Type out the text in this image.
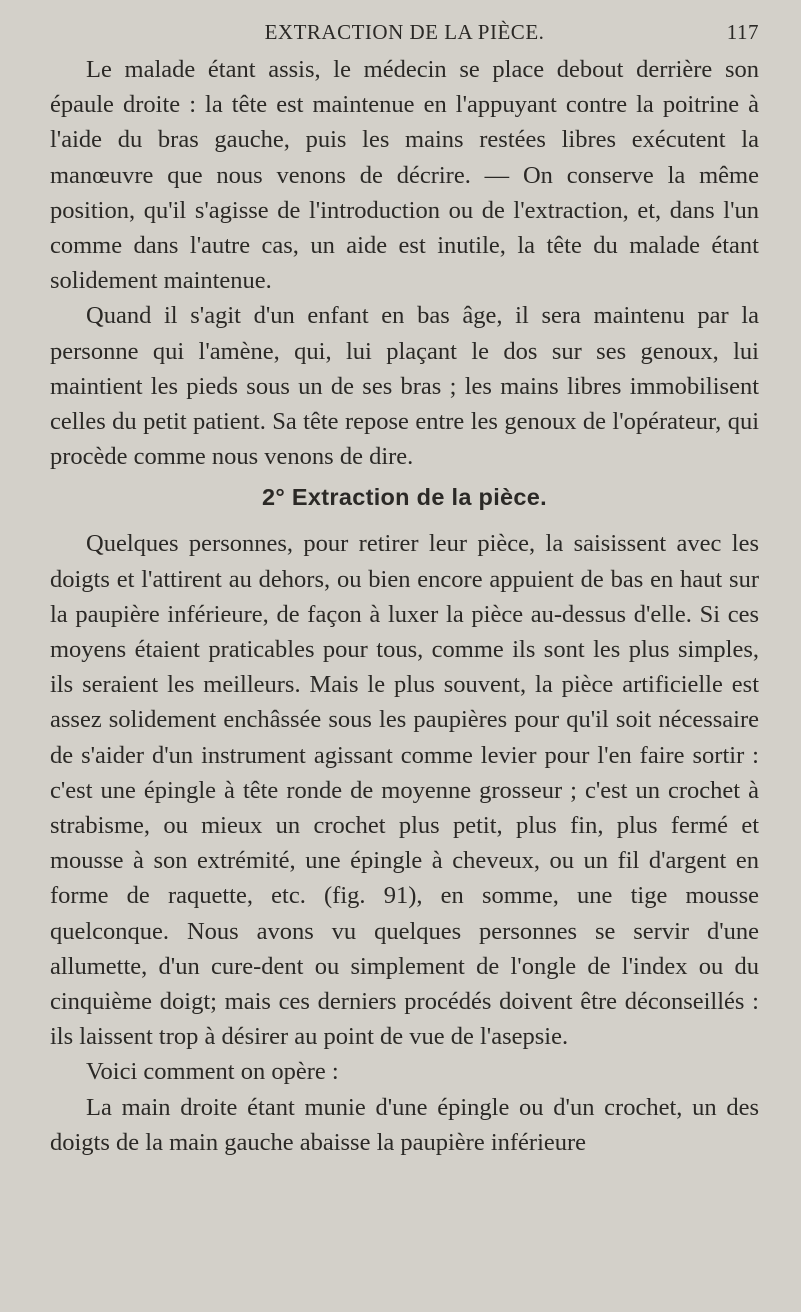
EXTRACTION DE LA PIÈCE.	117

Le malade étant assis, le médecin se place debout derrière son épaule droite : la tête est maintenue en l'appuyant contre la poitrine à l'aide du bras gauche, puis les mains restées libres exécutent la manœuvre que nous venons de décrire. — On conserve la même position, qu'il s'agisse de l'introduction ou de l'extraction, et, dans l'un comme dans l'autre cas, un aide est inutile, la tête du malade étant solidement maintenue.

Quand il s'agit d'un enfant en bas âge, il sera maintenu par la personne qui l'amène, qui, lui plaçant le dos sur ses genoux, lui maintient les pieds sous un de ses bras ; les mains libres immobilisent celles du petit patient. Sa tête repose entre les genoux de l'opérateur, qui procède comme nous venons de dire.

2° Extraction de la pièce.

Quelques personnes, pour retirer leur pièce, la saisissent avec les doigts et l'attirent au dehors, ou bien encore appuient de bas en haut sur la paupière inférieure, de façon à luxer la pièce au-dessus d'elle. Si ces moyens étaient praticables pour tous, comme ils sont les plus simples, ils seraient les meilleurs. Mais le plus souvent, la pièce artificielle est assez solidement enchâssée sous les paupières pour qu'il soit nécessaire de s'aider d'un instrument agissant comme levier pour l'en faire sortir : c'est une épingle à tête ronde de moyenne grosseur ; c'est un crochet à strabisme, ou mieux un crochet plus petit, plus fin, plus fermé et mousse à son extrémité, une épingle à cheveux, ou un fil d'argent en forme de raquette, etc. (fig. 91), en somme, une tige mousse quelconque. Nous avons vu quelques personnes se servir d'une allumette, d'un cure-dent ou simplement de l'ongle de l'index ou du cinquième doigt; mais ces derniers procédés doivent être déconseillés : ils laissent trop à désirer au point de vue de l'asepsie.

Voici comment on opère :

La main droite étant munie d'une épingle ou d'un crochet, un des doigts de la main gauche abaisse la paupière inférieure
